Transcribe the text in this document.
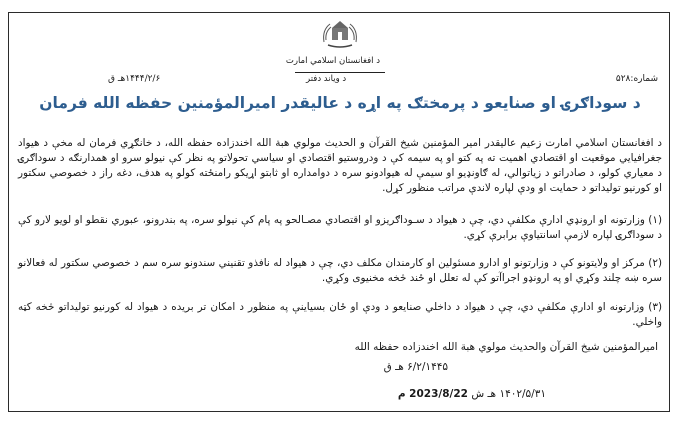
د افغانستان اسلامي امارت
شماره:۵۲۸
د وياند دفتر
۱۴۴۴/۲/۶هـ ق
د سوداګرۍ او صنايعو د پرمختګ په اړه د عاليقدر امیرالمؤمنین حفظه الله فرمان
د افغانستان اسلامي امارت زعيم عاليقدر امیر المؤمنین شيخ القرآن و الحديث مولوي هبة الله اخندزاده حفظه الله، د خانګړي فرمان له مخې د هیواد جغرافیایي موقعیت او اقتصادي اهمیت ته په کتو او په سیمه کې د ودروستیو اقتصادي او سیاسي تحولاتو په نظر کې نیولو سرو او همدارنګه د سوداګرۍ د معیاري کولو، د صادراتو د زیاتوالي، له ګاونډیو او سیمې له هیوادونو سره د دوامداره او ثابتو اړیکو رامنځته کولو په هدف، دغه راز د خصوصي سکتور او کورنیو تولیداتو د حمایت او ودې لپاره لاندې مراتب منظور کړل.
(۱) وزارتونه او ارونډي ادارې مکلفې دي، چې د هیواد د سـوداګریزو او اقتصادي مصـالحو په پام کې نیولو سره، په بندرونو، عبوري نقطو او لویو لارو کې د سوداګرۍ لپاره لازمې اسانتیاوې برابرې کړي.
(۲) مرکز او ولایتونو کې د وزارتونو او ادارو مسئولین او کارمندان مکلف دي، چې د هیواد له نافذو تقنیني سندونو سره سم د خصوصي سکتور له فعالانو سره ښه چلند وکړي او په ارونډو اجراآتو کې له تعلل او ځند څخه مخنیوی وکړي.
(۳) وزارتونه او ادارې مکلفې دي، چې د هیواد د داخلي صنایعو د ودې او ځان بسیاینې په منظور د امکان تر بریده د هیواد له کورنیو تولیداتو څخه کټه واخلي.
امیرالمؤمنین شیخ القرآن والحدیث مولوي هبة الله اخندزاده حفظه الله
۶/۲/۱۴۴۵ هـ ق
۱۴۰۲/۵/۳۱ هـ ش 2023/8/22 م
